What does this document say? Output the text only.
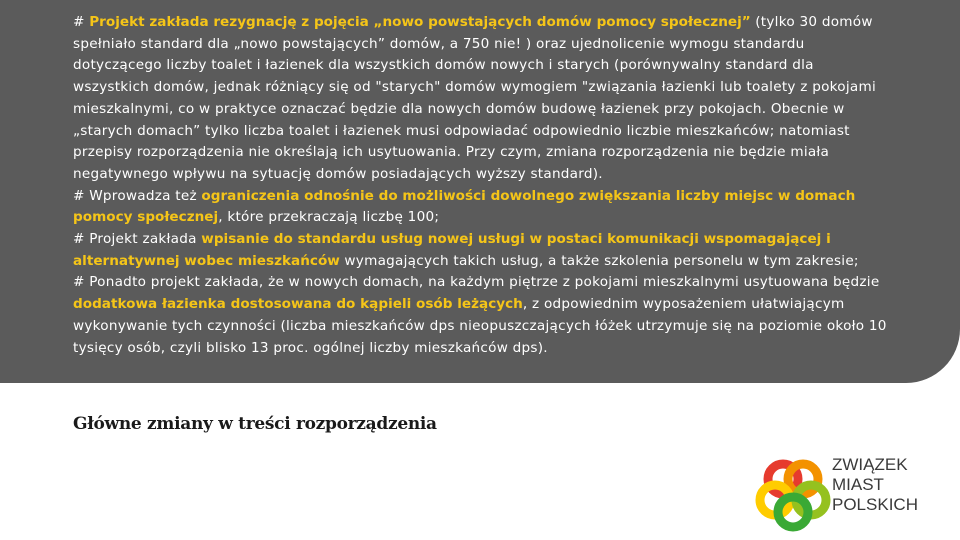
# Projekt zakłada rezygnację z pojęcia „nowo powstających domów pomocy społecznej” (tylko 30 domów spełniało standard dla „nowo powstających” domów, a 750 nie! ) oraz ujednolicenie wymogu standardu dotyczącego liczby toalet i łazienek dla wszystkich domów nowych i starych (porównywalny standard dla wszystkich domów, jednak różniący się od "starych" domów wymogiem "związania łazienki lub toalety z pokojami mieszkalnymi, co w praktyce oznaczać będzie dla nowych domów budowę łazienek przy pokojach. Obecnie w „starych domach” tylko liczba toalet i łazienek musi odpowiadać odpowiednio liczbie mieszkańców; natomiast przepisy rozporządzenia nie określają ich usytuowania. Przy czym, zmiana rozporządzenia nie będzie miała negatywnego wpływu na sytuację domów posiadających wyższy standard).

# Wprowadza też ograniczenia odnośnie do możliwości dowolnego zwiększania liczby miejsc w domach pomocy społecznej, które przekraczają liczbę 100;

# Projekt zakłada wpisanie do standardu usług nowej usługi w postaci komunikacji wspomagającej i alternatywnej wobec mieszkańców wymagających takich usług, a także szkolenia personelu w tym zakresie;

# Ponadto projekt zakłada, że w nowych domach, na każdym piętrze z pokojami mieszkalnymi usytuowana będzie dodatkowa łazienka dostosowana do kąpieli osób leżących, z odpowiednim wyposażeniem ułatwiającym wykonywanie tych czynności (liczba mieszkańców dps nieopuszczających łóżek utrzymuje się na poziomie około 10 tysięcy osób, czyli blisko 13 proc. ogólnej liczby mieszkańców dps).

Główne zmiany w treści rozporządzenia
ZWIĄZEK
MIAST
POLSKICH
